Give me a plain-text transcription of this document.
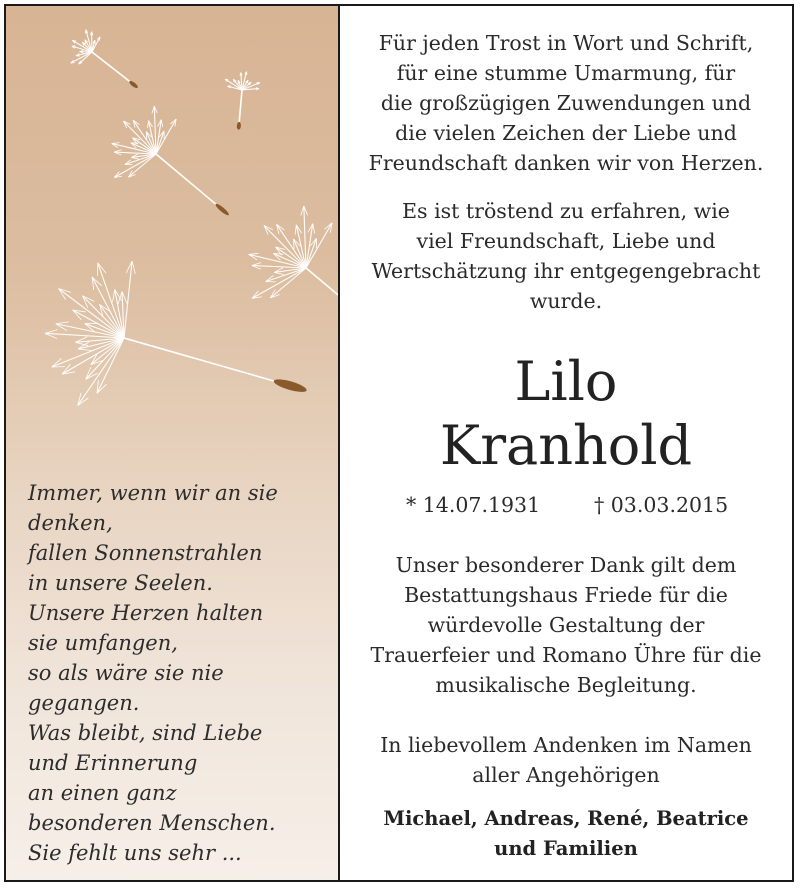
Immer, wenn wir an sie
denken,
fallen Sonnenstrahlen
in unsere Seelen.
Unsere Herzen halten
sie umfangen,
so als wäre sie nie
gegangen.
Was bleibt, sind Liebe
und Erinnerung
an einen ganz
besonderen Menschen.
Sie fehlt uns sehr ...
Für jeden Trost in Wort und Schrift,
für eine stumme Umarmung, für
die großzügigen Zuwendungen und
die vielen Zeichen der Liebe und
Freundschaft danken wir von Herzen.
Es ist tröstend zu erfahren, wie
viel Freundschaft, Liebe und
Wertschätzung ihr entgegengebracht
wurde.
Lilo
Kranhold
* 14.07.1931	† 03.03.2015
Unser besonderer Dank gilt dem
Bestattungshaus Friede für die
würdevolle Gestaltung der
Trauerfeier und Romano Ühre für die
musikalische Begleitung.
In liebevollem Andenken im Namen
aller Angehörigen
Michael, Andreas, René, Beatrice
und Familien
